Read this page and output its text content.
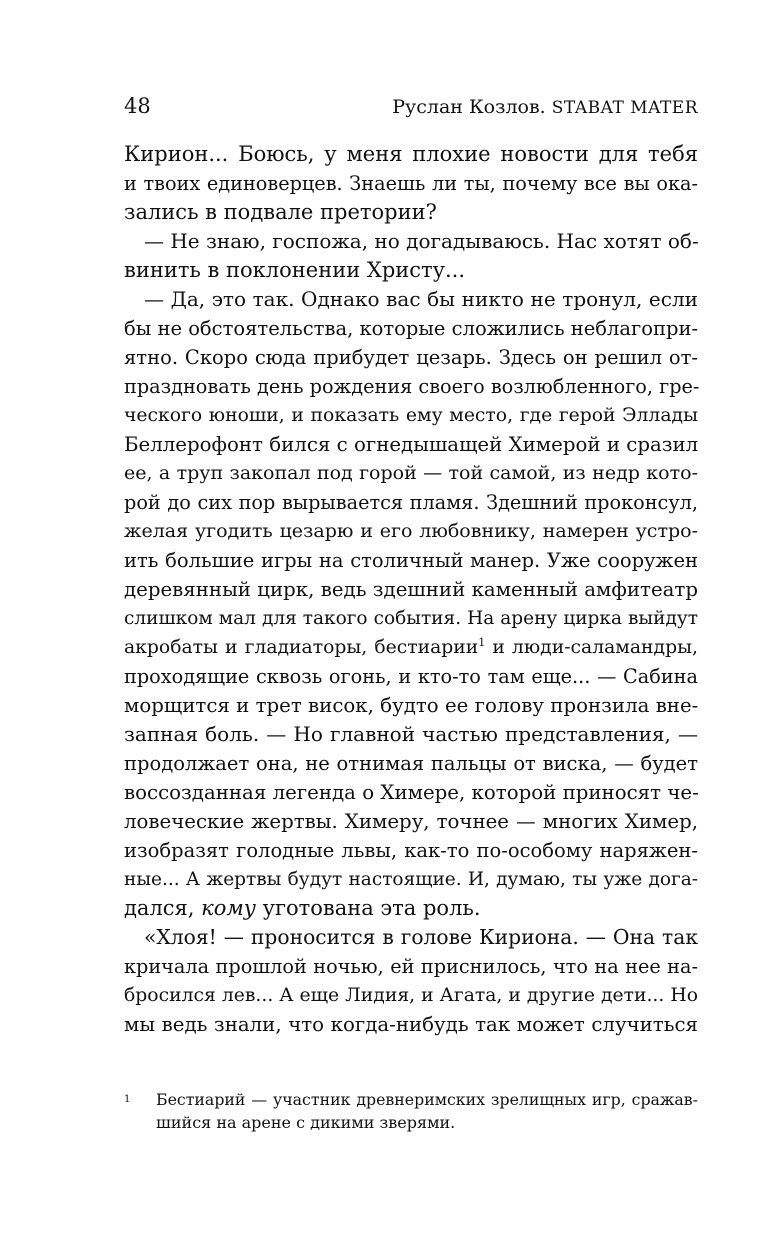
48	Руслан Козлов. STABAT MATER
Кирион... Боюсь, у меня плохие новости для тебя
и твоих единоверцев. Знаешь ли ты, почему все вы ока-
зались в подвале претории?
— Не знаю, госпожа, но догадываюсь. Нас хотят об-
винить в поклонении Христу...
— Да, это так. Однако вас бы никто не тронул, если
бы не обстоятельства, которые сложились неблагопри-
ятно. Скоро сюда прибудет цезарь. Здесь он решил от-
праздновать день рождения своего возлюбленного, гре-
ческого юноши, и показать ему место, где герой Эллады
Беллерофонт бился с огнедышащей Химерой и сразил
ее, а труп закопал под горой — той самой, из недр кото-
рой до сих пор вырывается пламя. Здешний проконсул,
желая угодить цезарю и его любовнику, намерен устро-
ить большие игры на столичный манер. Уже сооружен
деревянный цирк, ведь здешний каменный амфитеатр
слишком мал для такого события. На арену цирка выйдут
акробаты и гладиаторы, бестиарии$^1$ и люди-саламандры,
проходящие сквозь огонь, и кто-то там еще... — Сабина
морщится и трет висок, будто ее голову пронзила вне-
запная боль. — Но главной частью представления, —
продолжает она, не отнимая пальцы от виска, — будет
воссозданная легенда о Химере, которой приносят че-
ловеческие жертвы. Химеру, точнее — многих Химер,
изобразят голодные львы, как-то по-особому наряжен-
ные... А жертвы будут настоящие. И, думаю, ты уже дога-
дался, кому уготована эта роль.
«Хлоя! — проносится в голове Кириона. — Она так
кричала прошлой ночью, ей приснилось, что на нее на-
бросился лев... А еще Лидия, и Агата, и другие дети... Но
мы ведь знали, что когда-нибудь так может случиться
1	Бестиарий — участник древнеримских зрелищных игр, сражав-
шийся на арене с дикими зверями.
